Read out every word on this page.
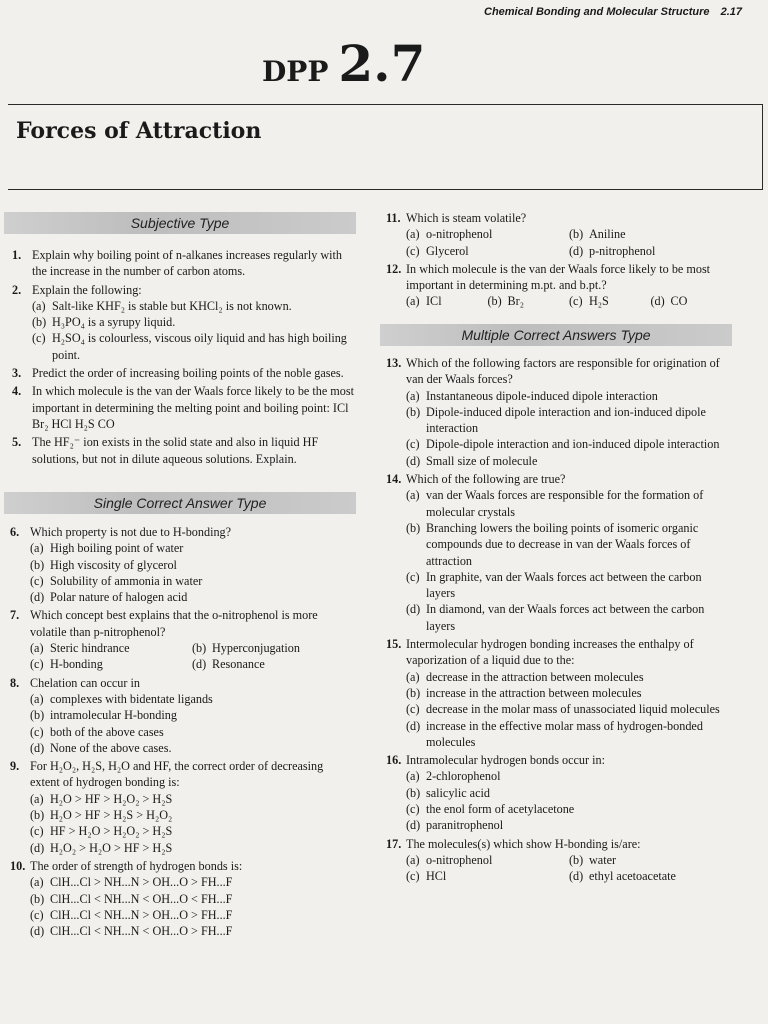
Chemical Bonding and Molecular Structure 2.17
DPP 2.7
Forces of Attraction
Subjective Type
Single Correct Answer Type
Multiple Correct Answers Type
1. Explain why boiling point of n-alkanes increases regularly with the increase in the number of carbon atoms.
2. Explain the following:
(a) Salt-like KHF₂ is stable but KHCl₂ is not known.
(b) H₃PO₄ is a syrupy liquid.
(c) H₂SO₄ is colourless, viscous oily liquid and has high boiling point.
3. Predict the order of increasing boiling points of the noble gases.
4. In which molecule is the van der Waals force likely to be the most important in determining the melting point and boiling point: ICl Br₂ HCl H₂S CO
5. The HF₂⁻ ion exists in the solid state and also in liquid HF solutions, but not in dilute aqueous solutions. Explain.
6. Which property is not due to H-bonding?
(a) High boiling point of water
(b) High viscosity of glycerol
(c) Solubility of ammonia in water
(d) Polar nature of halogen acid
7. Which concept best explains that the o-nitrophenol is more volatile than p-nitrophenol?
(a) Steric hindrance	(b) Hyperconjugation
(c) H-bonding	(d) Resonance
8. Chelation can occur in
(a) complexes with bidentate ligands
(b) intramolecular H-bonding
(c) both of the above cases
(d) None of the above cases.
9. For H₂O₂, H₂S, H₂O and HF, the correct order of decreasing extent of hydrogen bonding is:
(a) H₂O > HF > H₂O₂ > H₂S
(b) H₂O > HF > H₂S > H₂O₂
(c) HF > H₂O > H₂O₂ > H₂S
(d) H₂O₂ > H₂O > HF > H₂S
10. The order of strength of hydrogen bonds is:
(a) ClH...Cl > NH...N > OH...O > FH...F
(b) ClH...Cl < NH...N < OH...O < FH...F
(c) ClH...Cl < NH...N > OH...O > FH...F
(d) ClH...Cl < NH...N < OH...O > FH...F
11. Which is steam volatile?
(a) o-nitrophenol	(b) Aniline
(c) Glycerol	(d) p-nitrophenol
12. In which molecule is the van der Waals force likely to be most important in determining m.pt. and b.pt.?
(a) ICl	(b) Br₂	(c) H₂S	(d) CO
13. Which of the following factors are responsible for origination of van der Waals forces?
(a) Instantaneous dipole-induced dipole interaction
(b) Dipole-induced dipole interaction and ion-induced dipole interaction
(c) Dipole-dipole interaction and ion-induced dipole interaction
(d) Small size of molecule
14. Which of the following are true?
(a) van der Waals forces are responsible for the formation of molecular crystals
(b) Branching lowers the boiling points of isomeric organic compounds due to decrease in van der Waals forces of attraction
(c) In graphite, van der Waals forces act between the carbon layers
(d) In diamond, van der Waals forces act between the carbon layers
15. Intermolecular hydrogen bonding increases the enthalpy of vaporization of a liquid due to the:
(a) decrease in the attraction between molecules
(b) increase in the attraction between molecules
(c) decrease in the molar mass of unassociated liquid molecules
(d) increase in the effective molar mass of hydrogen-bonded molecules
16. Intramolecular hydrogen bonds occur in:
(a) 2-chlorophenol
(b) salicylic acid
(c) the enol form of acetylacetone
(d) paranitrophenol
17. The molecules(s) which show H-bonding is/are:
(a) o-nitrophenol	(b) water
(c) HCl	(d) ethyl acetoacetate
